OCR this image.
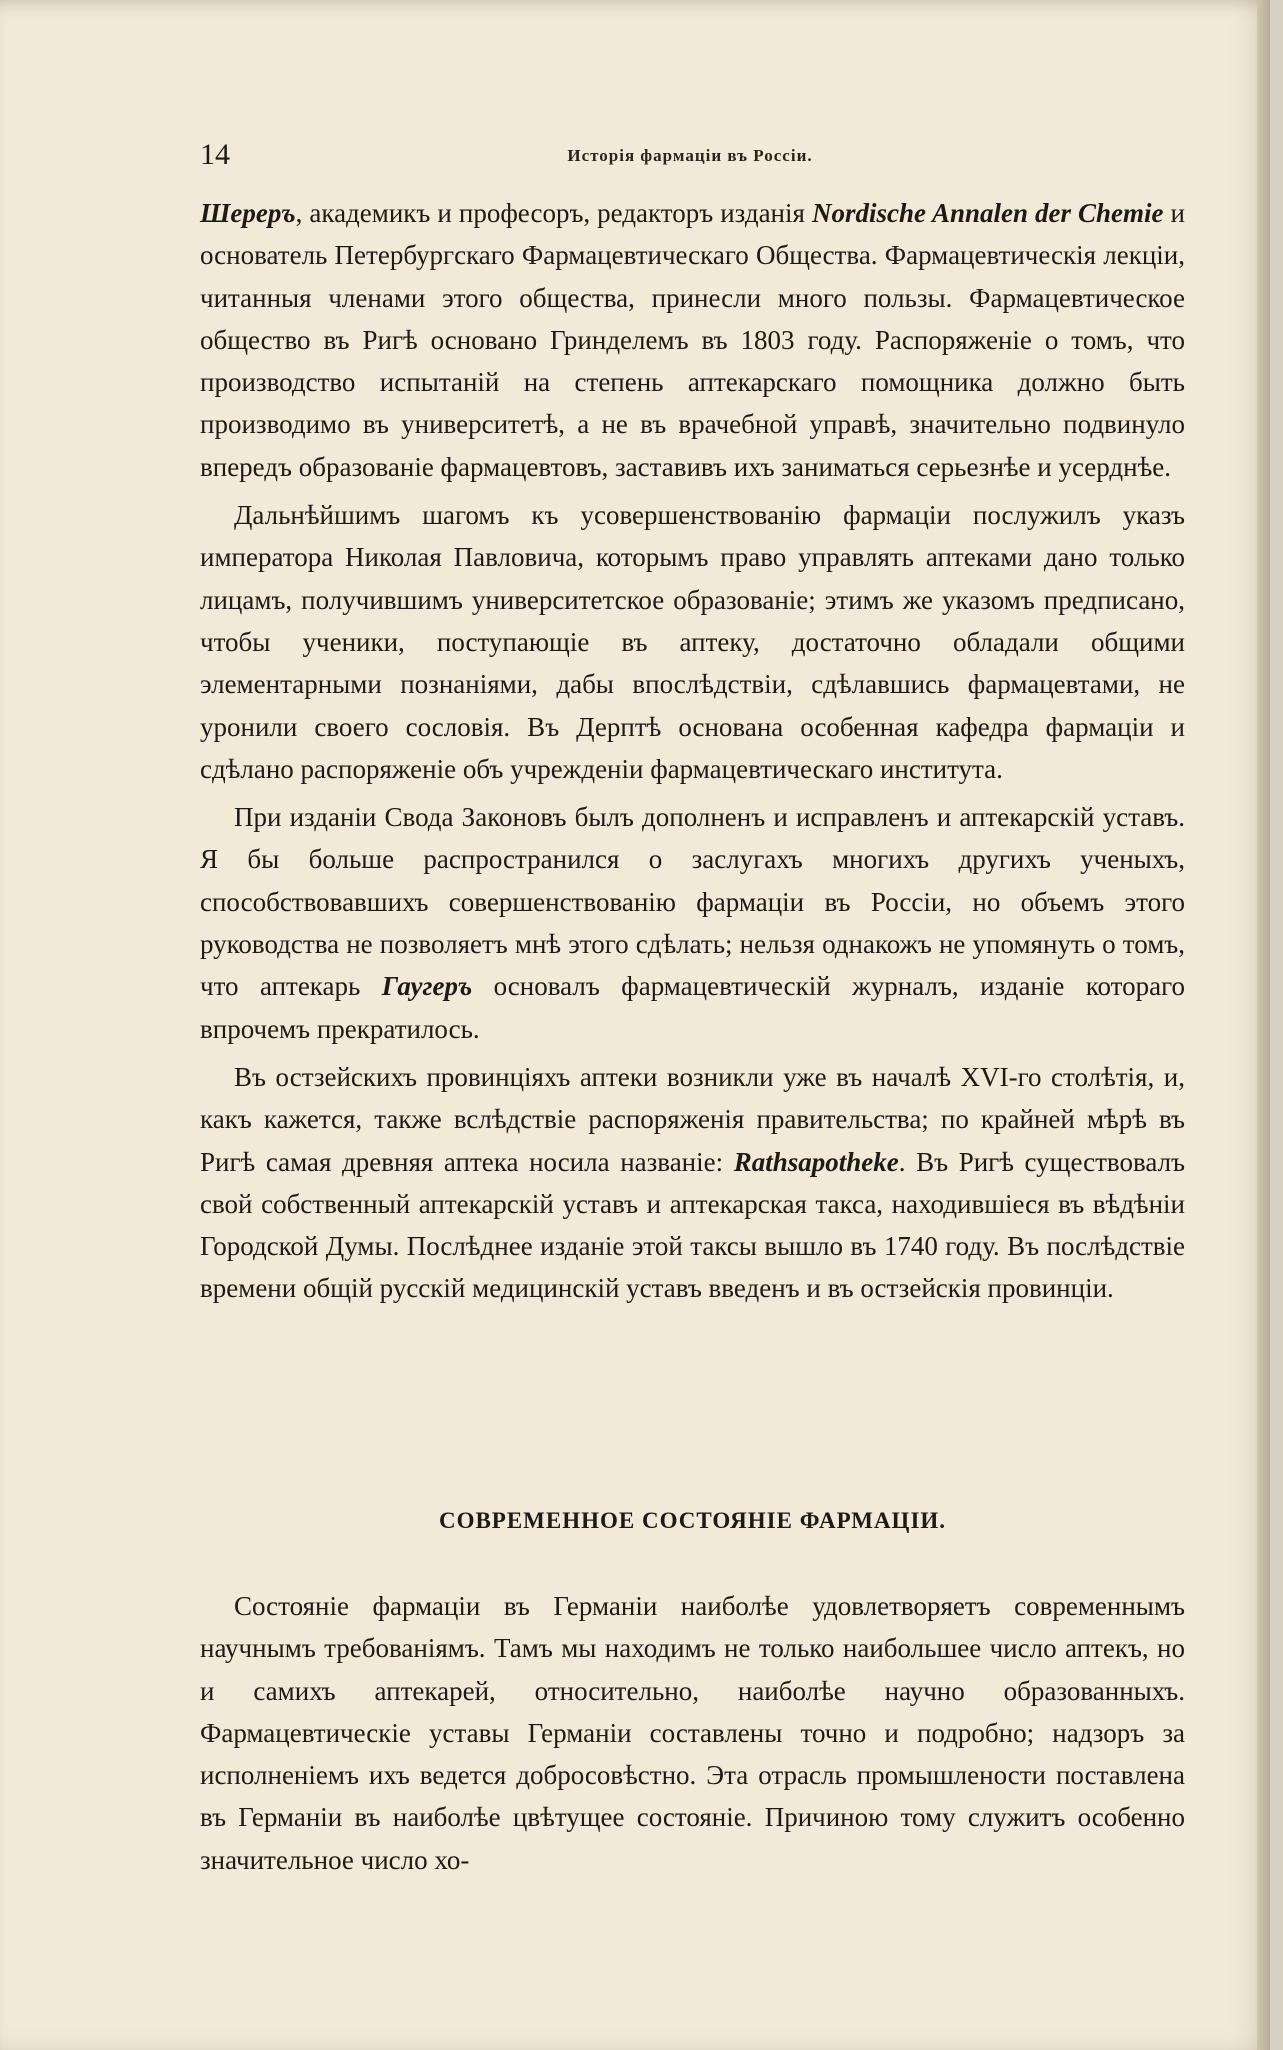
14	Исторія фармаціи въ Россіи.

Шереръ, академикъ и професоръ, редакторъ изданія Nordische Annalen der Chemie и основатель Петербургскаго Фармацевтическаго Общества. Фармацевтическія лекціи, читанныя членами этого общества, принесли много пользы. Фармацевтическое общество въ Ригѣ основано Гринделемъ въ 1803 году. Распоряженіе о томъ, что производство испытаній на степень аптекарскаго помощника должно быть производимо въ университетѣ, а не въ врачебной управѣ, значительно подвинуло впередъ образованіе фармацевтовъ, заставивъ ихъ заниматься серьезнѣе и усерднѣе.

Дальнѣйшимъ шагомъ къ усовершенствованію фармаціи послужилъ указъ императора Николая Павловича, которымъ право управлять аптеками дано только лицамъ, получившимъ университетское образованіе; этимъ же указомъ предписано, чтобы ученики, поступающіе въ аптеку, достаточно обладали общими элементарными познаніями, дабы впослѣдствіи, сдѣлавшись фармацевтами, не уронили своего сословія. Въ Дерптѣ основана особенная кафедра фармаціи и сдѣлано распоряженіе объ учрежденіи фармацевтическаго института.

При изданіи Свода Законовъ былъ дополненъ и исправленъ и аптекарскій уставъ. Я бы больше распространился о заслугахъ многихъ другихъ ученыхъ, способствовавшихъ совершенствованію фармаціи въ Россіи, но объемъ этого руководства не позволяетъ мнѣ этого сдѣлать; нельзя однакожъ не упомянуть о томъ, что аптекарь Гаугеръ основалъ фармацевтическій журналъ, изданіе котораго впрочемъ прекратилось.

Въ остзейскихъ провинціяхъ аптеки возникли уже въ началѣ XVI-го столѣтія, и, какъ кажется, также вслѣдствіе распоряженія правительства; по крайней мѣрѣ въ Ригѣ самая древняя аптека носила названіе: Rathsapotheke. Въ Ригѣ существовалъ свой собственный аптекарскій уставъ и аптекарская такса, находившіеся въ вѣдѣніи Городской Думы. Послѣднее изданіе этой таксы вышло въ 1740 году. Въ послѣдствіе времени общій русскій медицинскій уставъ введенъ и въ остзейскія провинціи.

СОВРЕМЕННОЕ СОСТОЯНІЕ ФАРМАЦІИ.

Состояніе фармаціи въ Германіи наиболѣе удовлетворяетъ современнымъ научнымъ требованіямъ. Тамъ мы находимъ не только наибольшее число аптекъ, но и самихъ аптекарей, относительно, наиболѣе научно образованныхъ. Фармацевтическіе уставы Германіи составлены точно и подробно; надзоръ за исполненіемъ ихъ ведется добросовѣстно. Эта отрасль промышлености поставлена въ Германіи въ наиболѣе цвѣтущее состояніе. Причиною тому служитъ особенно значительное число хо-
